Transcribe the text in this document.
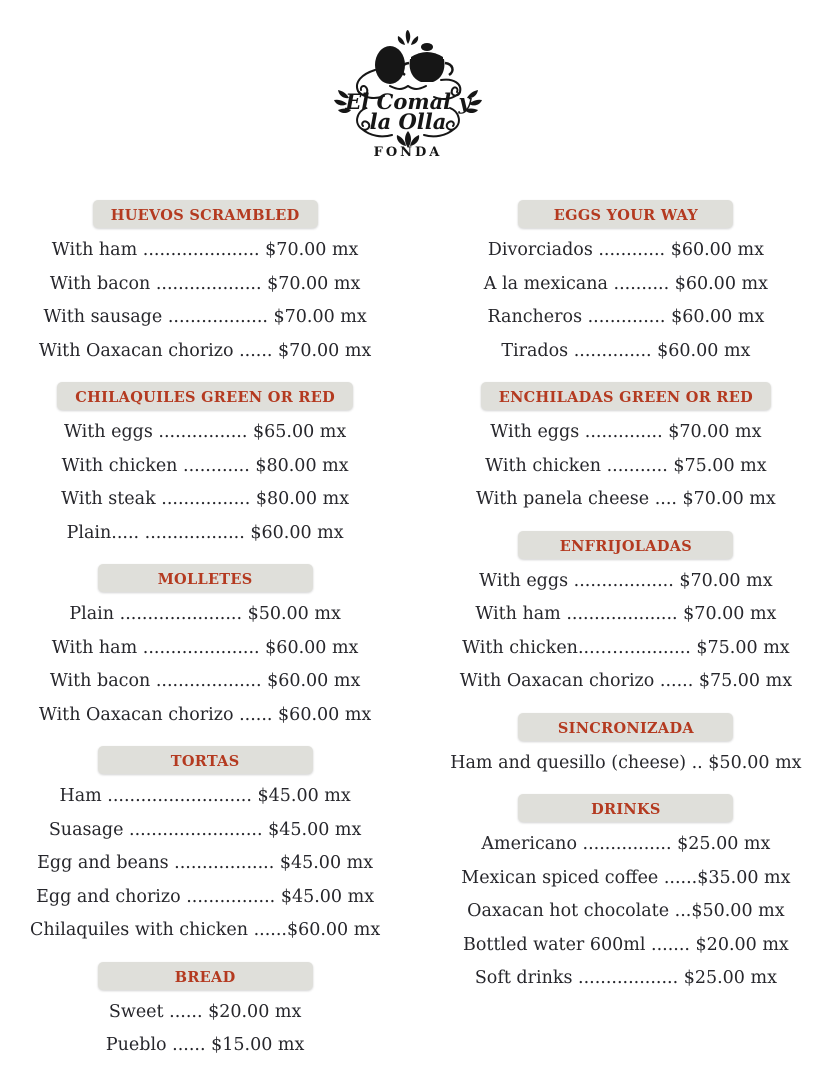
El Comal y
la Olla
FONDA
HUEVOS SCRAMBLED
With ham ..................... $70.00 mx
With bacon ................... $70.00 mx
With sausage .................. $70.00 mx
With Oaxacan chorizo ...... $70.00 mx
CHILAQUILES GREEN OR RED
With eggs ................ $65.00 mx
With chicken ............ $80.00 mx
With steak ................ $80.00 mx
Plain..... .................. $60.00 mx
MOLLETES
Plain ...................... $50.00 mx
With ham ..................... $60.00 mx
With bacon ................... $60.00 mx
With Oaxacan chorizo ...... $60.00 mx
TORTAS
Ham .......................... $45.00 mx
Suasage ........................ $45.00 mx
Egg and beans .................. $45.00 mx
Egg and chorizo ................ $45.00 mx
Chilaquiles with chicken ......$60.00 mx
BREAD
Sweet ...... $20.00 mx
Pueblo ...... $15.00 mx
EGGS YOUR WAY
Divorciados ............ $60.00 mx
A la mexicana .......... $60.00 mx
Rancheros .............. $60.00 mx
Tirados .............. $60.00 mx
ENCHILADAS GREEN OR RED
With eggs .............. $70.00 mx
With chicken ........... $75.00 mx
With panela cheese .... $70.00 mx
ENFRIJOLADAS
With eggs .................. $70.00 mx
With ham .................... $70.00 mx
With chicken...……........... $75.00 mx
With Oaxacan chorizo ...... $75.00 mx
SINCRONIZADA
Ham and quesillo (cheese) .. $50.00 mx
DRINKS
Americano ................ $25.00 mx
Mexican spiced coffee ......$35.00 mx
Oaxacan hot chocolate ...$50.00 mx
Bottled water 600ml ....... $20.00 mx
Soft drinks .................. $25.00 mx
